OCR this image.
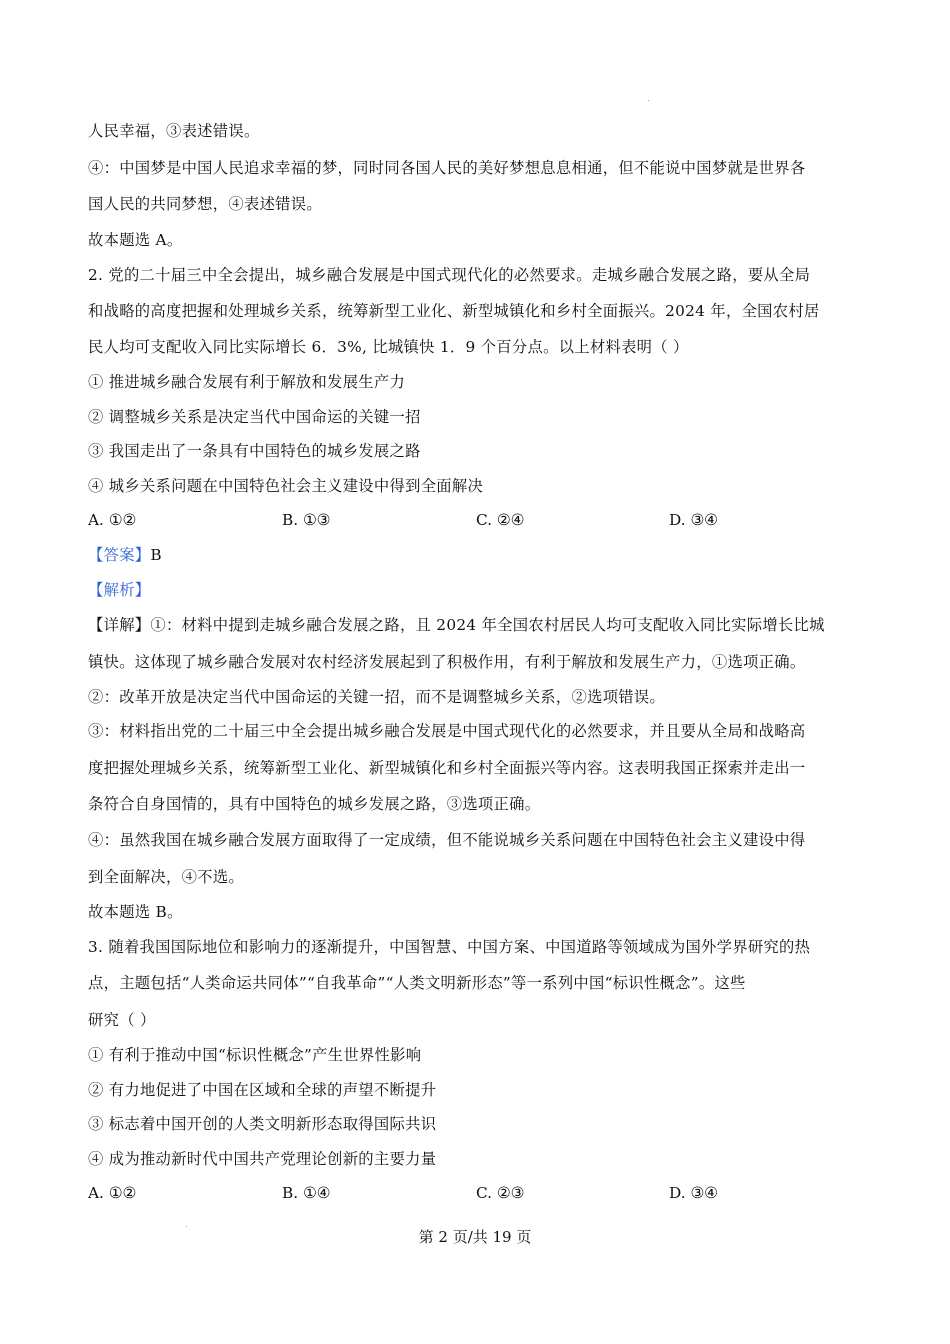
人民幸福，③表述错误。

④：中国梦是中国人民追求幸福的梦，同时同各国人民的美好梦想息息相通，但不能说中国梦就是世界各

国人民的共同梦想，④表述错误。

故本题选 A。

2. 党的二十届三中全会提出，城乡融合发展是中国式现代化的必然要求。走城乡融合发展之路，要从全局

和战略的高度把握和处理城乡关系，统筹新型工业化、新型城镇化和乡村全面振兴。2024 年，全国农村居

民人均可支配收入同比实际增长 6．3%, 比城镇快 1．9 个百分点。以上材料表明（ ）

① 推进城乡融合发展有利于解放和发展生产力

② 调整城乡关系是决定当代中国命运的关键一招

③ 我国走出了一条具有中国特色的城乡发展之路

④ 城乡关系问题在中国特色社会主义建设中得到全面解决

A. ①②	B. ①③	C. ②④	D. ③④

【答案】B

【解析】

【详解】①：材料中提到走城乡融合发展之路，且 2024 年全国农村居民人均可支配收入同比实际增长比城

镇快。这体现了城乡融合发展对农村经济发展起到了积极作用，有利于解放和发展生产力，①选项正确。

②：改革开放是决定当代中国命运的关键一招，而不是调整城乡关系，②选项错误。

③：材料指出党的二十届三中全会提出城乡融合发展是中国式现代化的必然要求，并且要从全局和战略高

度把握处理城乡关系，统筹新型工业化、新型城镇化和乡村全面振兴等内容。这表明我国正探索并走出一

条符合自身国情的，具有中国特色的城乡发展之路，③选项正确。

④：虽然我国在城乡融合发展方面取得了一定成绩，但不能说城乡关系问题在中国特色社会主义建设中得

到全面解决，④不选。

故本题选 B。

3. 随着我国国际地位和影响力的逐渐提升，中国智慧、中国方案、中国道路等领域成为国外学界研究的热

点，主题包括“人类命运共同体”“自我革命”“人类文明新形态”等一系列中国“标识性概念”。这些

研究（ ）

① 有利于推动中国“标识性概念”产生世界性影响

② 有力地促进了中国在区域和全球的声望不断提升

③ 标志着中国开创的人类文明新形态取得国际共识

④ 成为推动新时代中国共产党理论创新的主要力量

A. ①②	B. ①④	C. ②③	D. ③④

第 2 页/共 19 页
